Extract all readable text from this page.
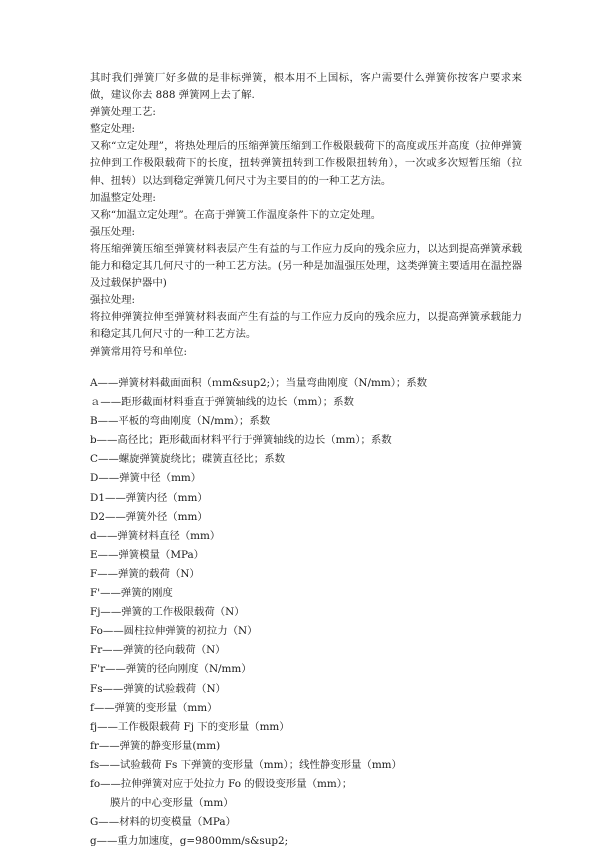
其时我们弹簧厂好多做的是非标弹簧，根本用不上国标，客户需要什么弹簧你按客户要求来做，建议你去 888 弹簧网上去了解.
弹簧处理工艺:
整定处理:
又称“立定处理”，将热处理后的压缩弹簧压缩到工作极限载荷下的高度或压并高度（拉伸弹簧拉伸到工作极限载荷下的长度，扭转弹簧扭转到工作极限扭转角），一次或多次短暂压缩（拉伸、扭转）以达到稳定弹簧几何尺寸为主要目的的一种工艺方法。
加温整定处理:
又称“加温立定处理”。在高于弹簧工作温度条件下的立定处理。
强压处理:
将压缩弹簧压缩至弹簧材料表层产生有益的与工作应力反向的残余应力，以达到提高弹簧承载能力和稳定其几何尺寸的一种工艺方法。(另一种是加温强压处理，这类弹簧主要适用在温控器及过载保护器中)
强拉处理:
将拉伸弹簧拉伸至弹簧材料表面产生有益的与工作应力反向的残余应力，以提高弹簧承载能力和稳定其几何尺寸的一种工艺方法。
弹簧常用符号和单位:
A——弹簧材料截面面积（ｍm&sup2;）；当量弯曲刚度（N/mm）；系数
ａ——距形截面材料垂直于弹簧轴线的边长（mm）；系数
B——平板的弯曲刚度（N/mm）；系数
b——高径比；距形截面材料平行于弹簧轴线的边长（mm）；系数
C——螺旋弹簧旋绕比；碟簧直径比；系数
D——弹簧中径（mm）
D1——弹簧内径（mm）
D2——弹簧外径（mm）
d——弹簧材料直径（mm）
E——弹簧模量（MPa）
F——弹簧的载荷（N）
F'——弹簧的刚度
Fj——弹簧的工作极限载荷（N）
Fo——圆柱拉伸弹簧的初拉力（N）
Fr——弹簧的径向载荷（N）
F'r——弹簧的径向刚度（N/mm）
Fs——弹簧的试验载荷（N）
f——弹簧的变形量（mm）
fj——工作极限载荷 Fj 下的变形量（mm）
fr——弹簧的静变形量(mm)
fs——试验载荷 Fs 下弹簧的变形量（mm）；线性静变形量（mm）
fo——拉伸弹簧对应于处拉力 Fo 的假设变形量（mm）；
膜片的中心变形量（mm）
G——材料的切变模量（MPa）
g——重力加速度，g=9800mm/s&sup2;
